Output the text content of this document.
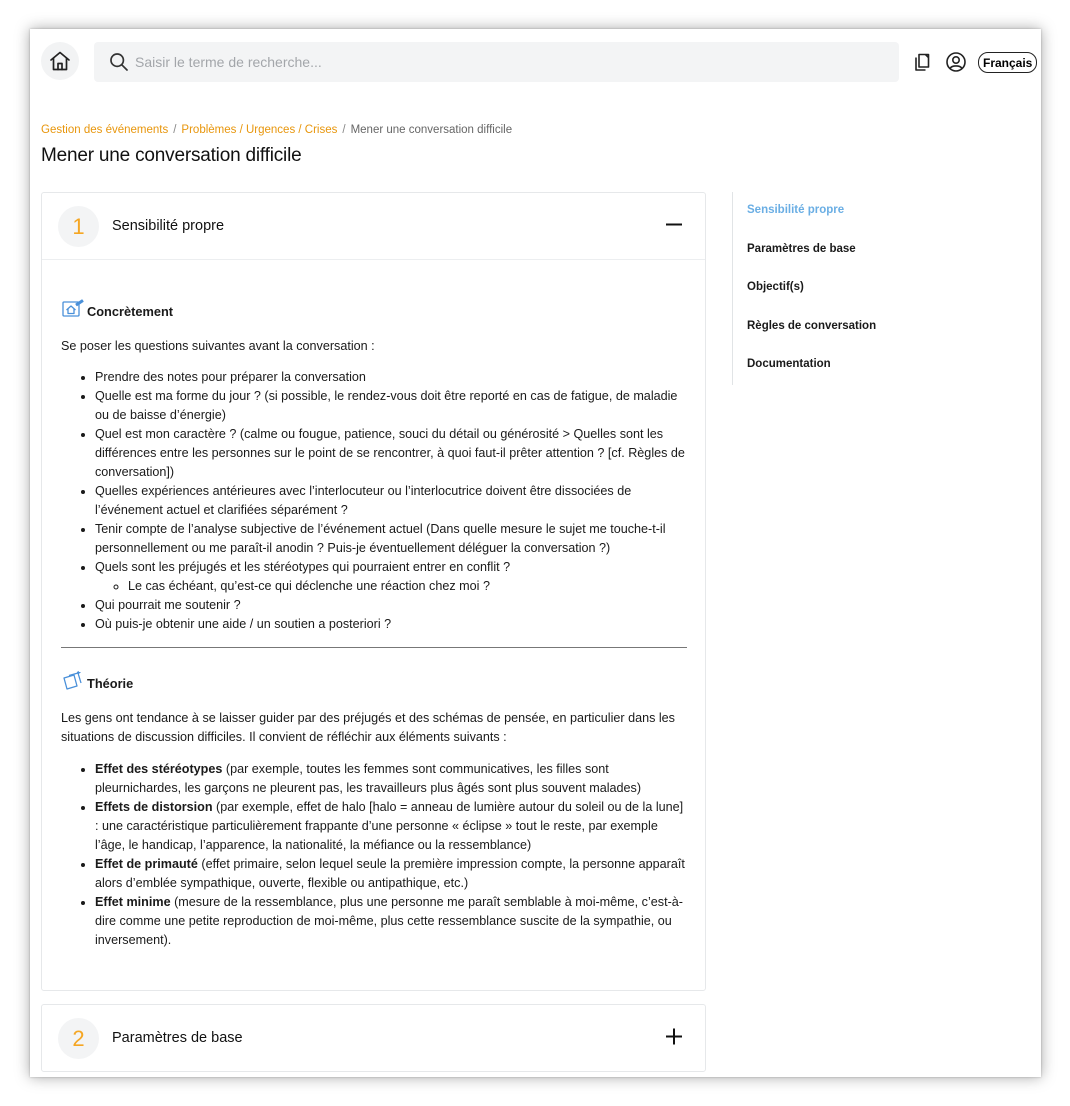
Saisir le terme de recherche...
Français
Gestion des événements / Problèmes / Urgences / Crises / Mener une conversation difficile
Mener une conversation difficile
1	Sensibilité propre
Concrètement

Se poser les questions suivantes avant la conversation :

• Prendre des notes pour préparer la conversation
• Quelle est ma forme du jour ? (si possible, le rendez-vous doit être reporté en cas de fatigue, de maladie ou de baisse d’énergie)
• Quel est mon caractère ? (calme ou fougue, patience, souci du détail ou générosité > Quelles sont les différences entre les personnes sur le point de se rencontrer, à quoi faut-il prêter attention ? [cf. Règles de conversation])
• Quelles expériences antérieures avec l’interlocuteur ou l’interlocutrice doivent être dissociées de l’événement actuel et clarifiées séparément ?
• Tenir compte de l’analyse subjective de l’événement actuel (Dans quelle mesure le sujet me touche-t-il personnellement ou me paraît-il anodin ? Puis-je éventuellement déléguer la conversation ?)
• Quels sont les préjugés et les stéréotypes qui pourraient entrer en conflit ?
◦ Le cas échéant, qu’est-ce qui déclenche une réaction chez moi ?
• Qui pourrait me soutenir ?
• Où puis-je obtenir une aide / un soutien a posteriori ?
Théorie

Les gens ont tendance à se laisser guider par des préjugés et des schémas de pensée, en particulier dans les situations de discussion difficiles. Il convient de réfléchir aux éléments suivants :

• Effet des stéréotypes (par exemple, toutes les femmes sont communicatives, les filles sont pleurnichardes, les garçons ne pleurent pas, les travailleurs plus âgés sont plus souvent malades)
• Effets de distorsion (par exemple, effet de halo [halo = anneau de lumière autour du soleil ou de la lune] : une caractéristique particulièrement frappante d’une personne « éclipse » tout le reste, par exemple l’âge, le handicap, l’apparence, la nationalité, la méfiance ou la ressemblance)
• Effet de primauté (effet primaire, selon lequel seule la première impression compte, la personne apparaît alors d’emblée sympathique, ouverte, flexible ou antipathique, etc.)
• Effet minime (mesure de la ressemblance, plus une personne me paraît semblable à moi-même, c’est-à-dire comme une petite reproduction de moi-même, plus cette ressemblance suscite de la sympathie, ou inversement).
2	Paramètres de base
Sensibilité propre
Paramètres de base
Objectif(s)
Règles de conversation
Documentation
